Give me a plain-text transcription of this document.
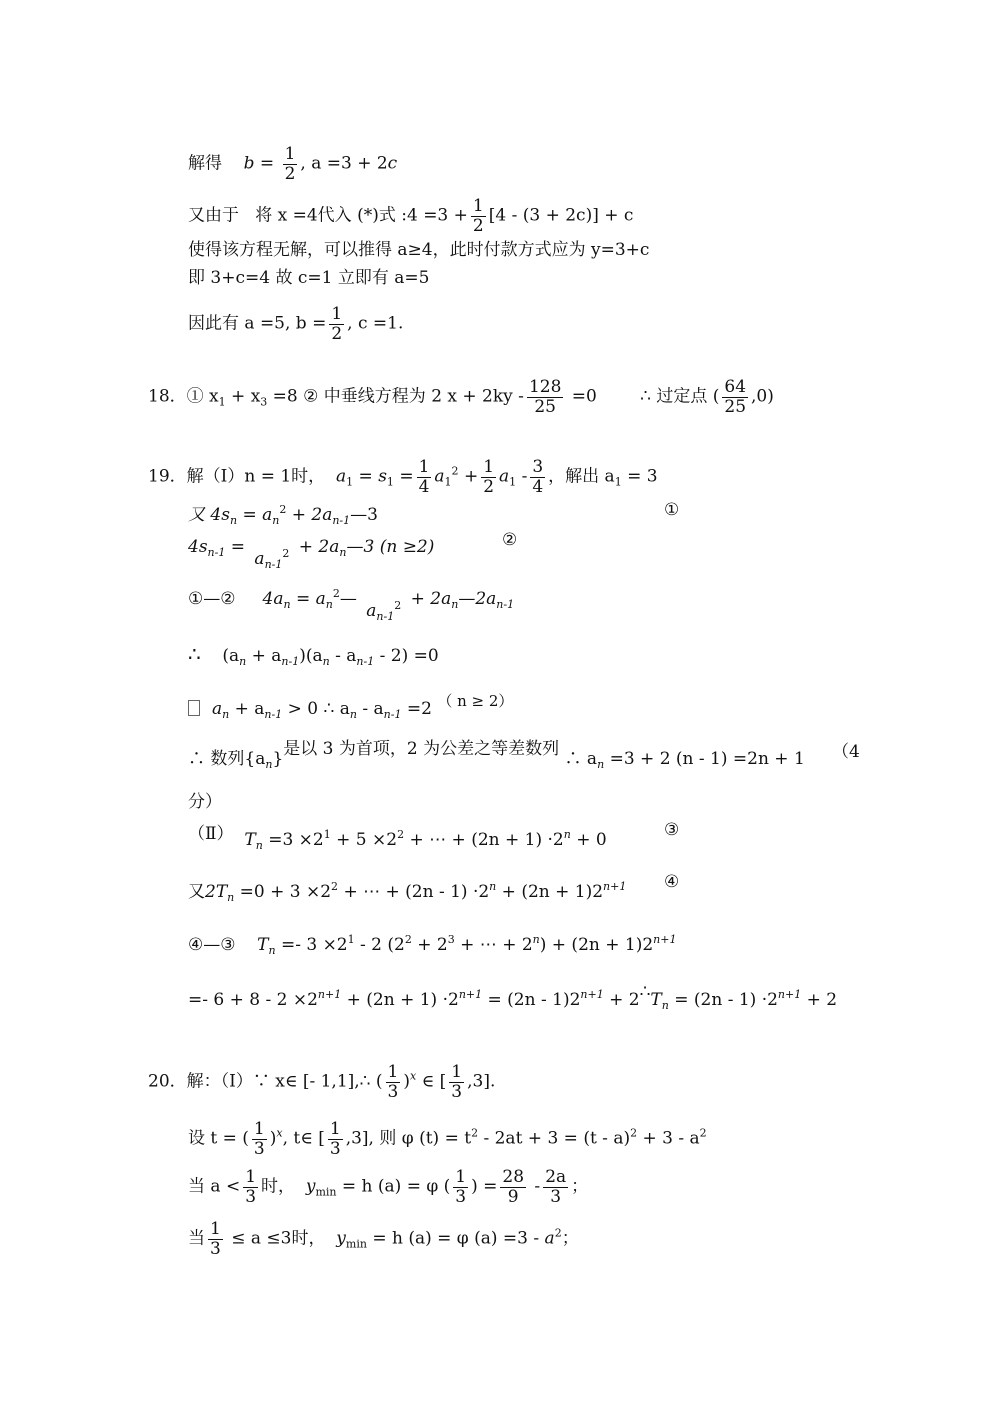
解得 $b = \frac{1}{2}$ , a =3 + 2c
又由于 将 x =4代入 (*)式 :4 $=3 + \frac{1}{2} [4 - (3 + 2c)] + c$
使得该方程无解，可以推得 a≥4，此时付款方式应为 y=3+c
即 3+c=4 故 c=1 立即有 a=5
因此有 a =5, $b = \frac{1}{2}$ , c =1.
18．① $x_1 + x_3 =8$ ② 中垂线方程为 2 $x + 2ky - \frac{128}{25} =0$	∴ 过定点 ( $\frac{64}{25} ,0$)
19．解（Ⅰ）n = 1时， $a_1 = s_1 = \frac{1}{4} a_1^2 + \frac{1}{2} a_1 - \frac{3}{4}$ ，解出 $a_1 = 3$
又 $4s_n = a_n^2$ + $2a_{n-1}—3$	①
$4s_{n-1} = a_{n-1}^2$ + $2a_n—3$ (n ≥2)	②
①—② $4a_n$ = $a_n^2—$ $a_{n-1}^2$ + $2a_n—2a_{n-1}$
∴ $(a_n + a_{n-1})(a_n - a_{n-1} - 2) =0$
$a_n + a_{n-1} > 0$ ∴ $a_n - a_{n-1} =2$ （ n ≥ 2）
∴ 数列$\{a_n\}$是以 3 为首项，2 为公差之等差数列 ∴ $a_n =3 + 2$ (n - 1) =2n + 1 （4
分）
（Ⅱ） $T_n =3 \times 2^1 + 5 \times 2^2$ + ⋯ + $(2n + 1) \cdot 2^n + 0$	③
又$2T_n =0 + 3 \times 2^2$ + ⋯ + $(2n - 1) \cdot 2^n + (2n + 1)2^{n+1}$ ④
④—③ $T_n =- 3 \times 2^1 - 2$ ($2^2 + 2^3$ + ⋯ + $2^n) + (2n + 1)2^{n+1}$
=- $6 + 8 - 2 \times 2^{n+1} + (2n + 1) \cdot 2^{n+1} = (2n - 1)2^{n+1}$ + $2\therefore T_n = (2n - 1) \cdot 2^{n+1} + 2$
20．解：（Ⅰ）∵ x∈ [- 1,1],∴ ( $\frac{1}{3} )^x$ ∈ [ $\frac{1}{3} ,3$].
设 t = ( $\frac{1}{3} )^x$, t∈ [ $\frac{1}{3} ,3$], 则 φ $(t) = t^2 - 2at + 3 = (t - a)^2 + 3 - a^2$
当 $a < \frac{1}{3}$ 时， $y_{min} = h$ (a) = φ ( $\frac{1}{3}$ ) = $\frac{28}{9} - \frac{2a}{3}$ ；
当 $\frac{1}{3} \le a \le 3$时， $y_{min} = h$ (a) = φ $(a) =3 - a^2$；
